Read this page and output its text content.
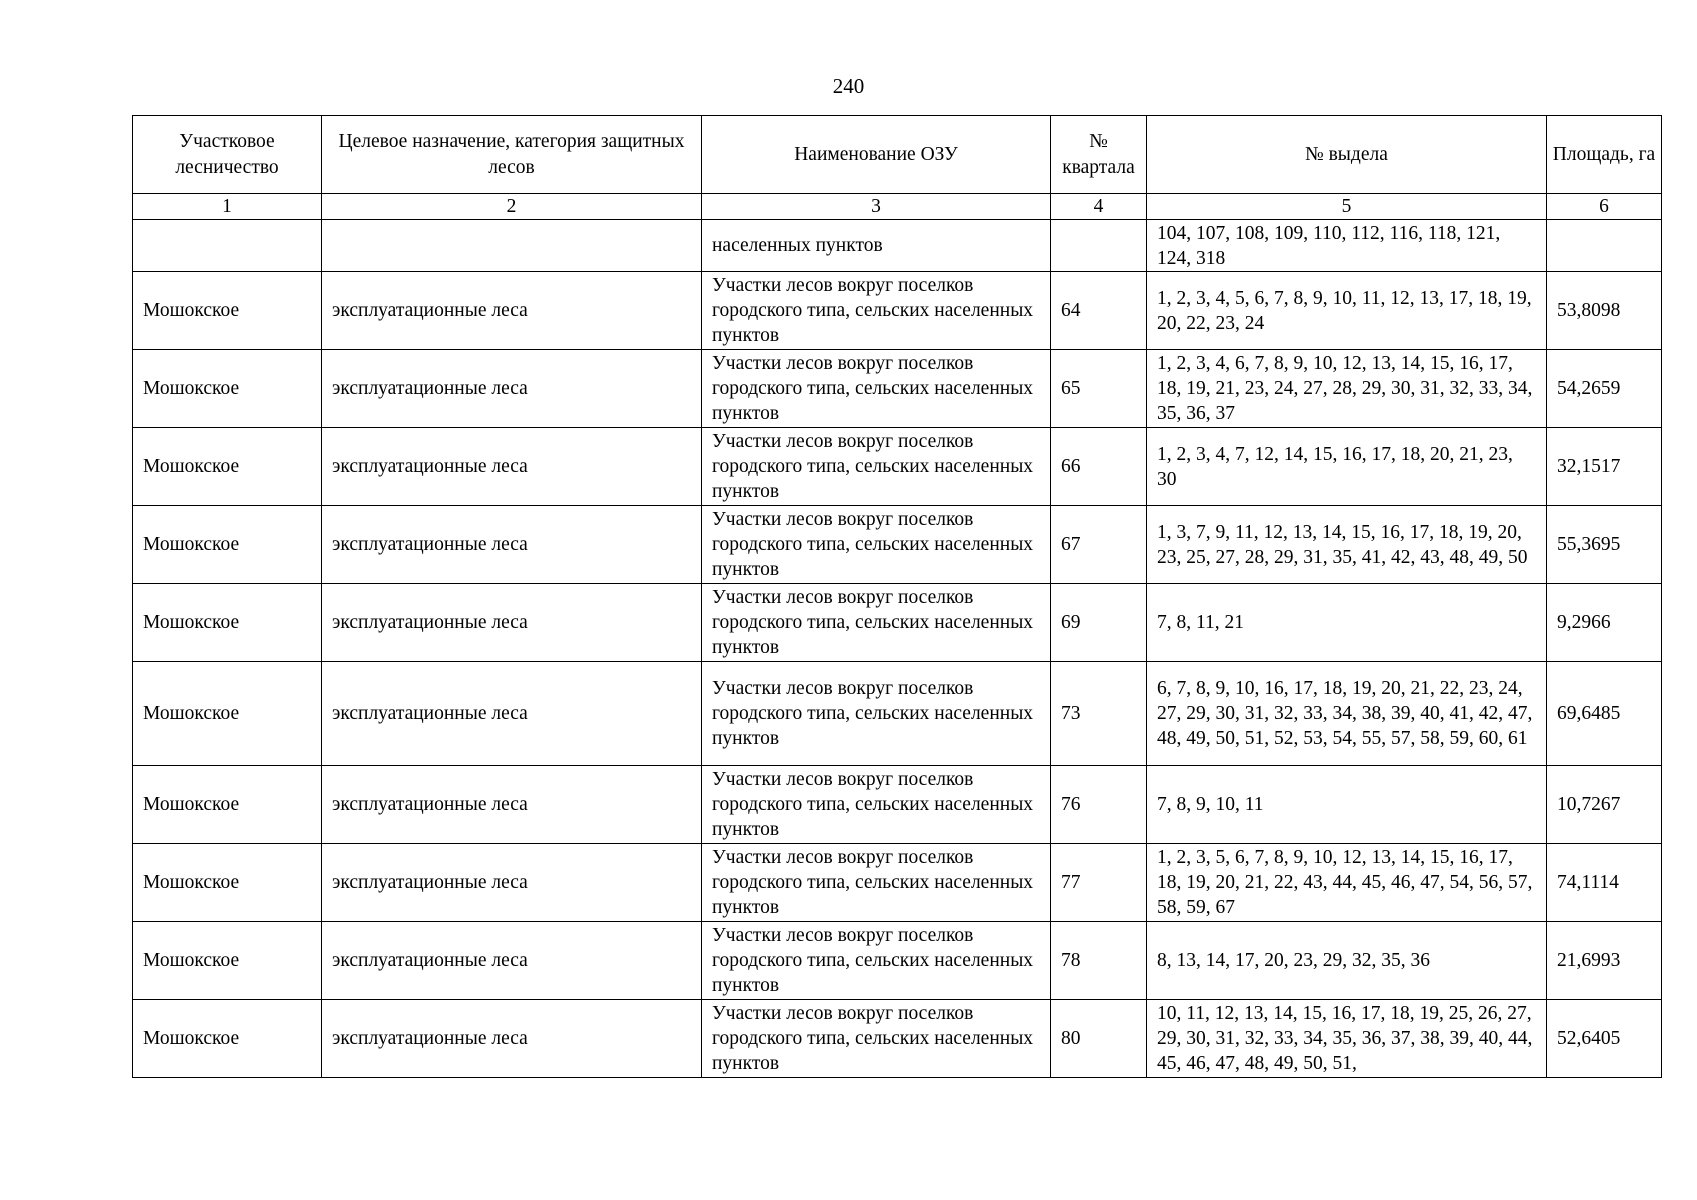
240
Участковое лесничество	Целевое назначение, категория защитных лесов	Наименование ОЗУ	№ квартала	№ выдела	Площадь, га
1	2	3	4	5	6
		населенных пунктов		104, 107, 108, 109, 110, 112, 116, 118, 121, 124, 318	
Мошокское	эксплуатационные леса	Участки лесов вокруг поселков городского типа, сельских населенных пунктов	64	1, 2, 3, 4, 5, 6, 7, 8, 9, 10, 11, 12, 13, 17, 18, 19, 20, 22, 23, 24	53,8098
Мошокское	эксплуатационные леса	Участки лесов вокруг поселков городского типа, сельских населенных пунктов	65	1, 2, 3, 4, 6, 7, 8, 9, 10, 12, 13, 14, 15, 16, 17, 18, 19, 21, 23, 24, 27, 28, 29, 30, 31, 32, 33, 34, 35, 36, 37	54,2659
Мошокское	эксплуатационные леса	Участки лесов вокруг поселков городского типа, сельских населенных пунктов	66	1, 2, 3, 4, 7, 12, 14, 15, 16, 17, 18, 20, 21, 23, 30	32,1517
Мошокское	эксплуатационные леса	Участки лесов вокруг поселков городского типа, сельских населенных пунктов	67	1, 3, 7, 9, 11, 12, 13, 14, 15, 16, 17, 18, 19, 20, 23, 25, 27, 28, 29, 31, 35, 41, 42, 43, 48, 49, 50	55,3695
Мошокское	эксплуатационные леса	Участки лесов вокруг поселков городского типа, сельских населенных пунктов	69	7, 8, 11, 21	9,2966
Мошокское	эксплуатационные леса	Участки лесов вокруг поселков городского типа, сельских населенных пунктов	73	6, 7, 8, 9, 10, 16, 17, 18, 19, 20, 21, 22, 23, 24, 27, 29, 30, 31, 32, 33, 34, 38, 39, 40, 41, 42, 47, 48, 49, 50, 51, 52, 53, 54, 55, 57, 58, 59, 60, 61	69,6485
Мошокское	эксплуатационные леса	Участки лесов вокруг поселков городского типа, сельских населенных пунктов	76	7, 8, 9, 10, 11	10,7267
Мошокское	эксплуатационные леса	Участки лесов вокруг поселков городского типа, сельских населенных пунктов	77	1, 2, 3, 5, 6, 7, 8, 9, 10, 12, 13, 14, 15, 16, 17, 18, 19, 20, 21, 22, 43, 44, 45, 46, 47, 54, 56, 57, 58, 59, 67	74,1114
Мошокское	эксплуатационные леса	Участки лесов вокруг поселков городского типа, сельских населенных пунктов	78	8, 13, 14, 17, 20, 23, 29, 32, 35, 36	21,6993
Мошокское	эксплуатационные леса	Участки лесов вокруг поселков городского типа, сельских населенных пунктов	80	10, 11, 12, 13, 14, 15, 16, 17, 18, 19, 25, 26, 27, 29, 30, 31, 32, 33, 34, 35, 36, 37, 38, 39, 40, 44, 45, 46, 47, 48, 49, 50, 51,	52,6405
